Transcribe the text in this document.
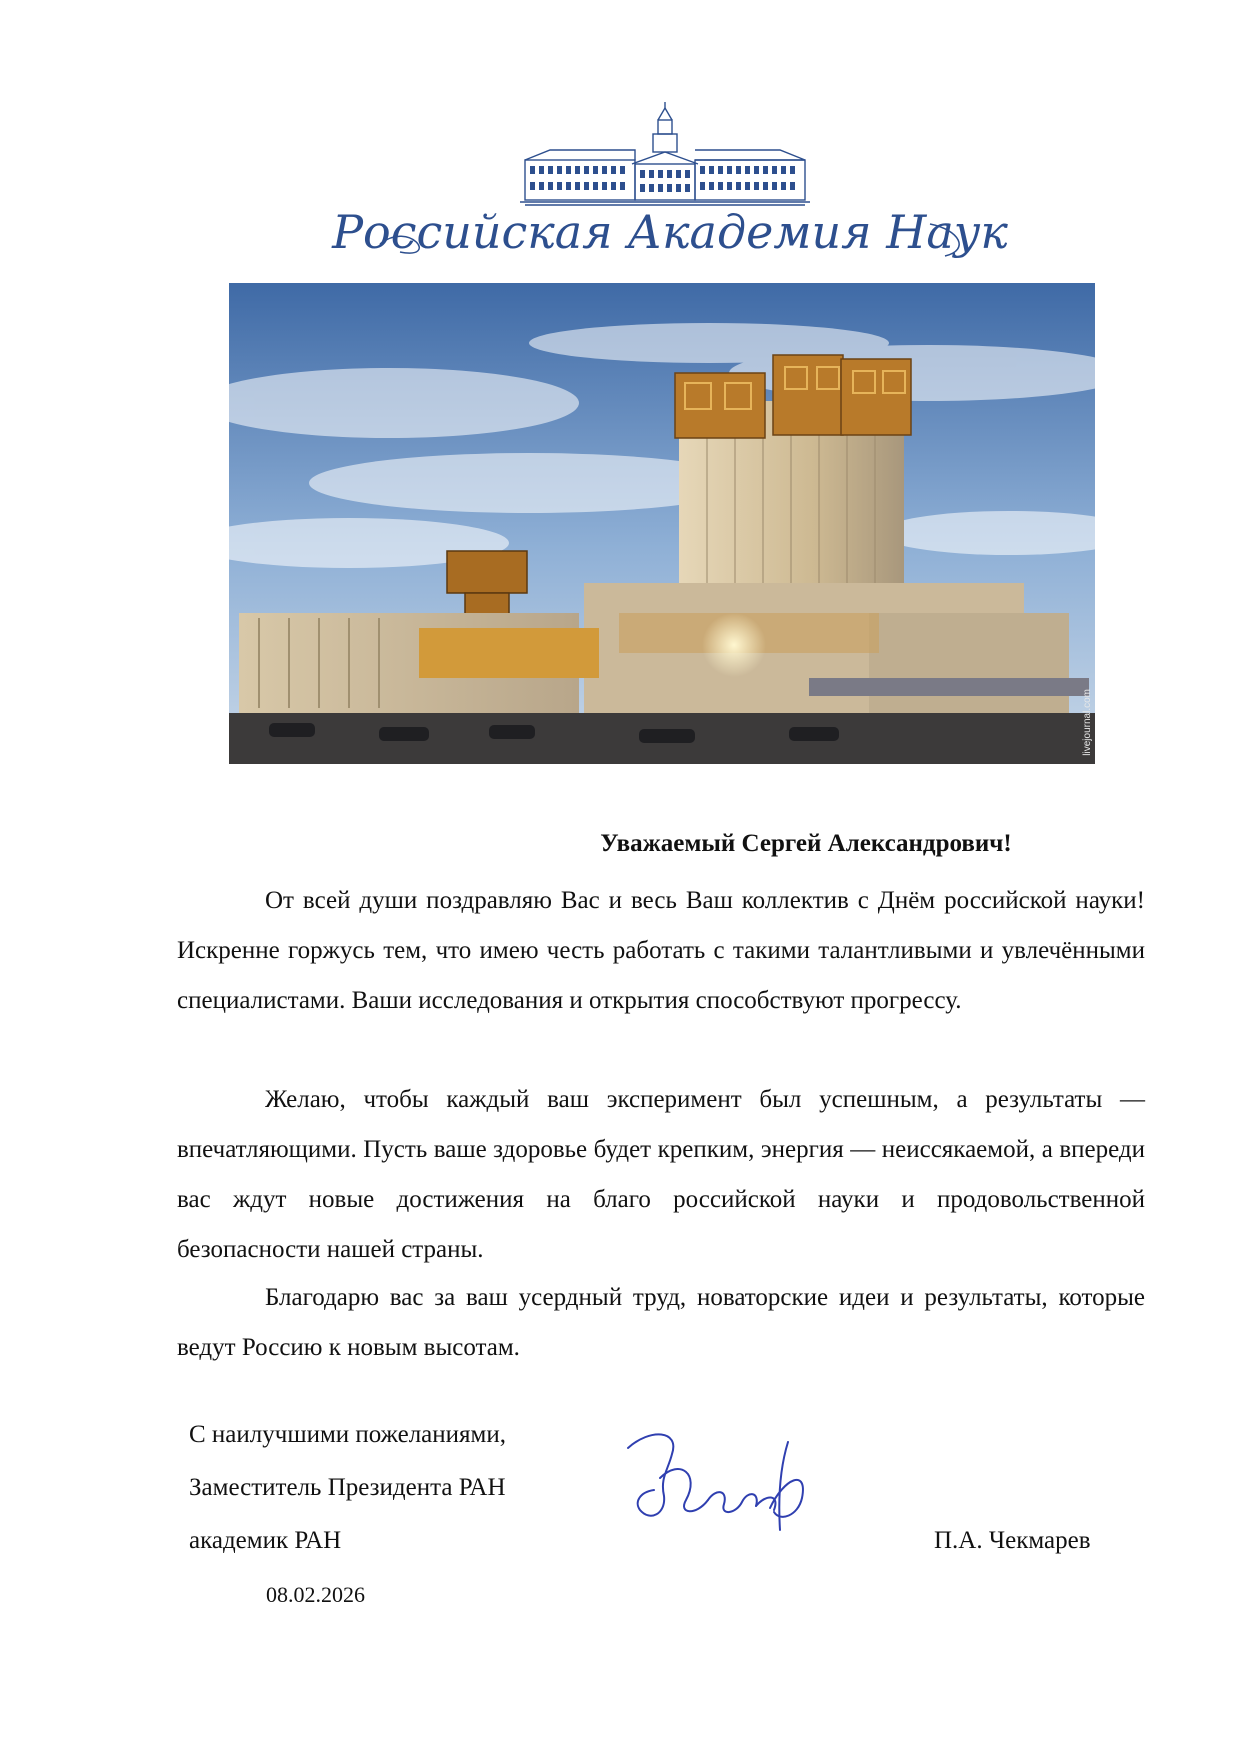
Российская Академия Наук
livejournal.com
Уважаемый Сергей Александрович!

От всей души поздравляю Вас и весь Ваш коллектив с Днём российской науки! Искренне горжусь тем, что имею честь работать с такими талантливыми и увлечёнными специалистами. Ваши исследования и открытия способствуют прогрессу.

Желаю, чтобы каждый ваш эксперимент был успешным, а результаты — впечатляющими. Пусть ваше здоровье будет крепким, энергия — неиссякаемой, а впереди вас ждут новые достижения на благо российской науки и продовольственной безопасности нашей страны.

Благодарю вас за ваш усердный труд, новаторские идеи и результаты, которые ведут Россию к новым высотам.

С наилучшими пожеланиями,
Заместитель Президента РАН
академик РАН
08.02.2026
П.А. Чекмарев
